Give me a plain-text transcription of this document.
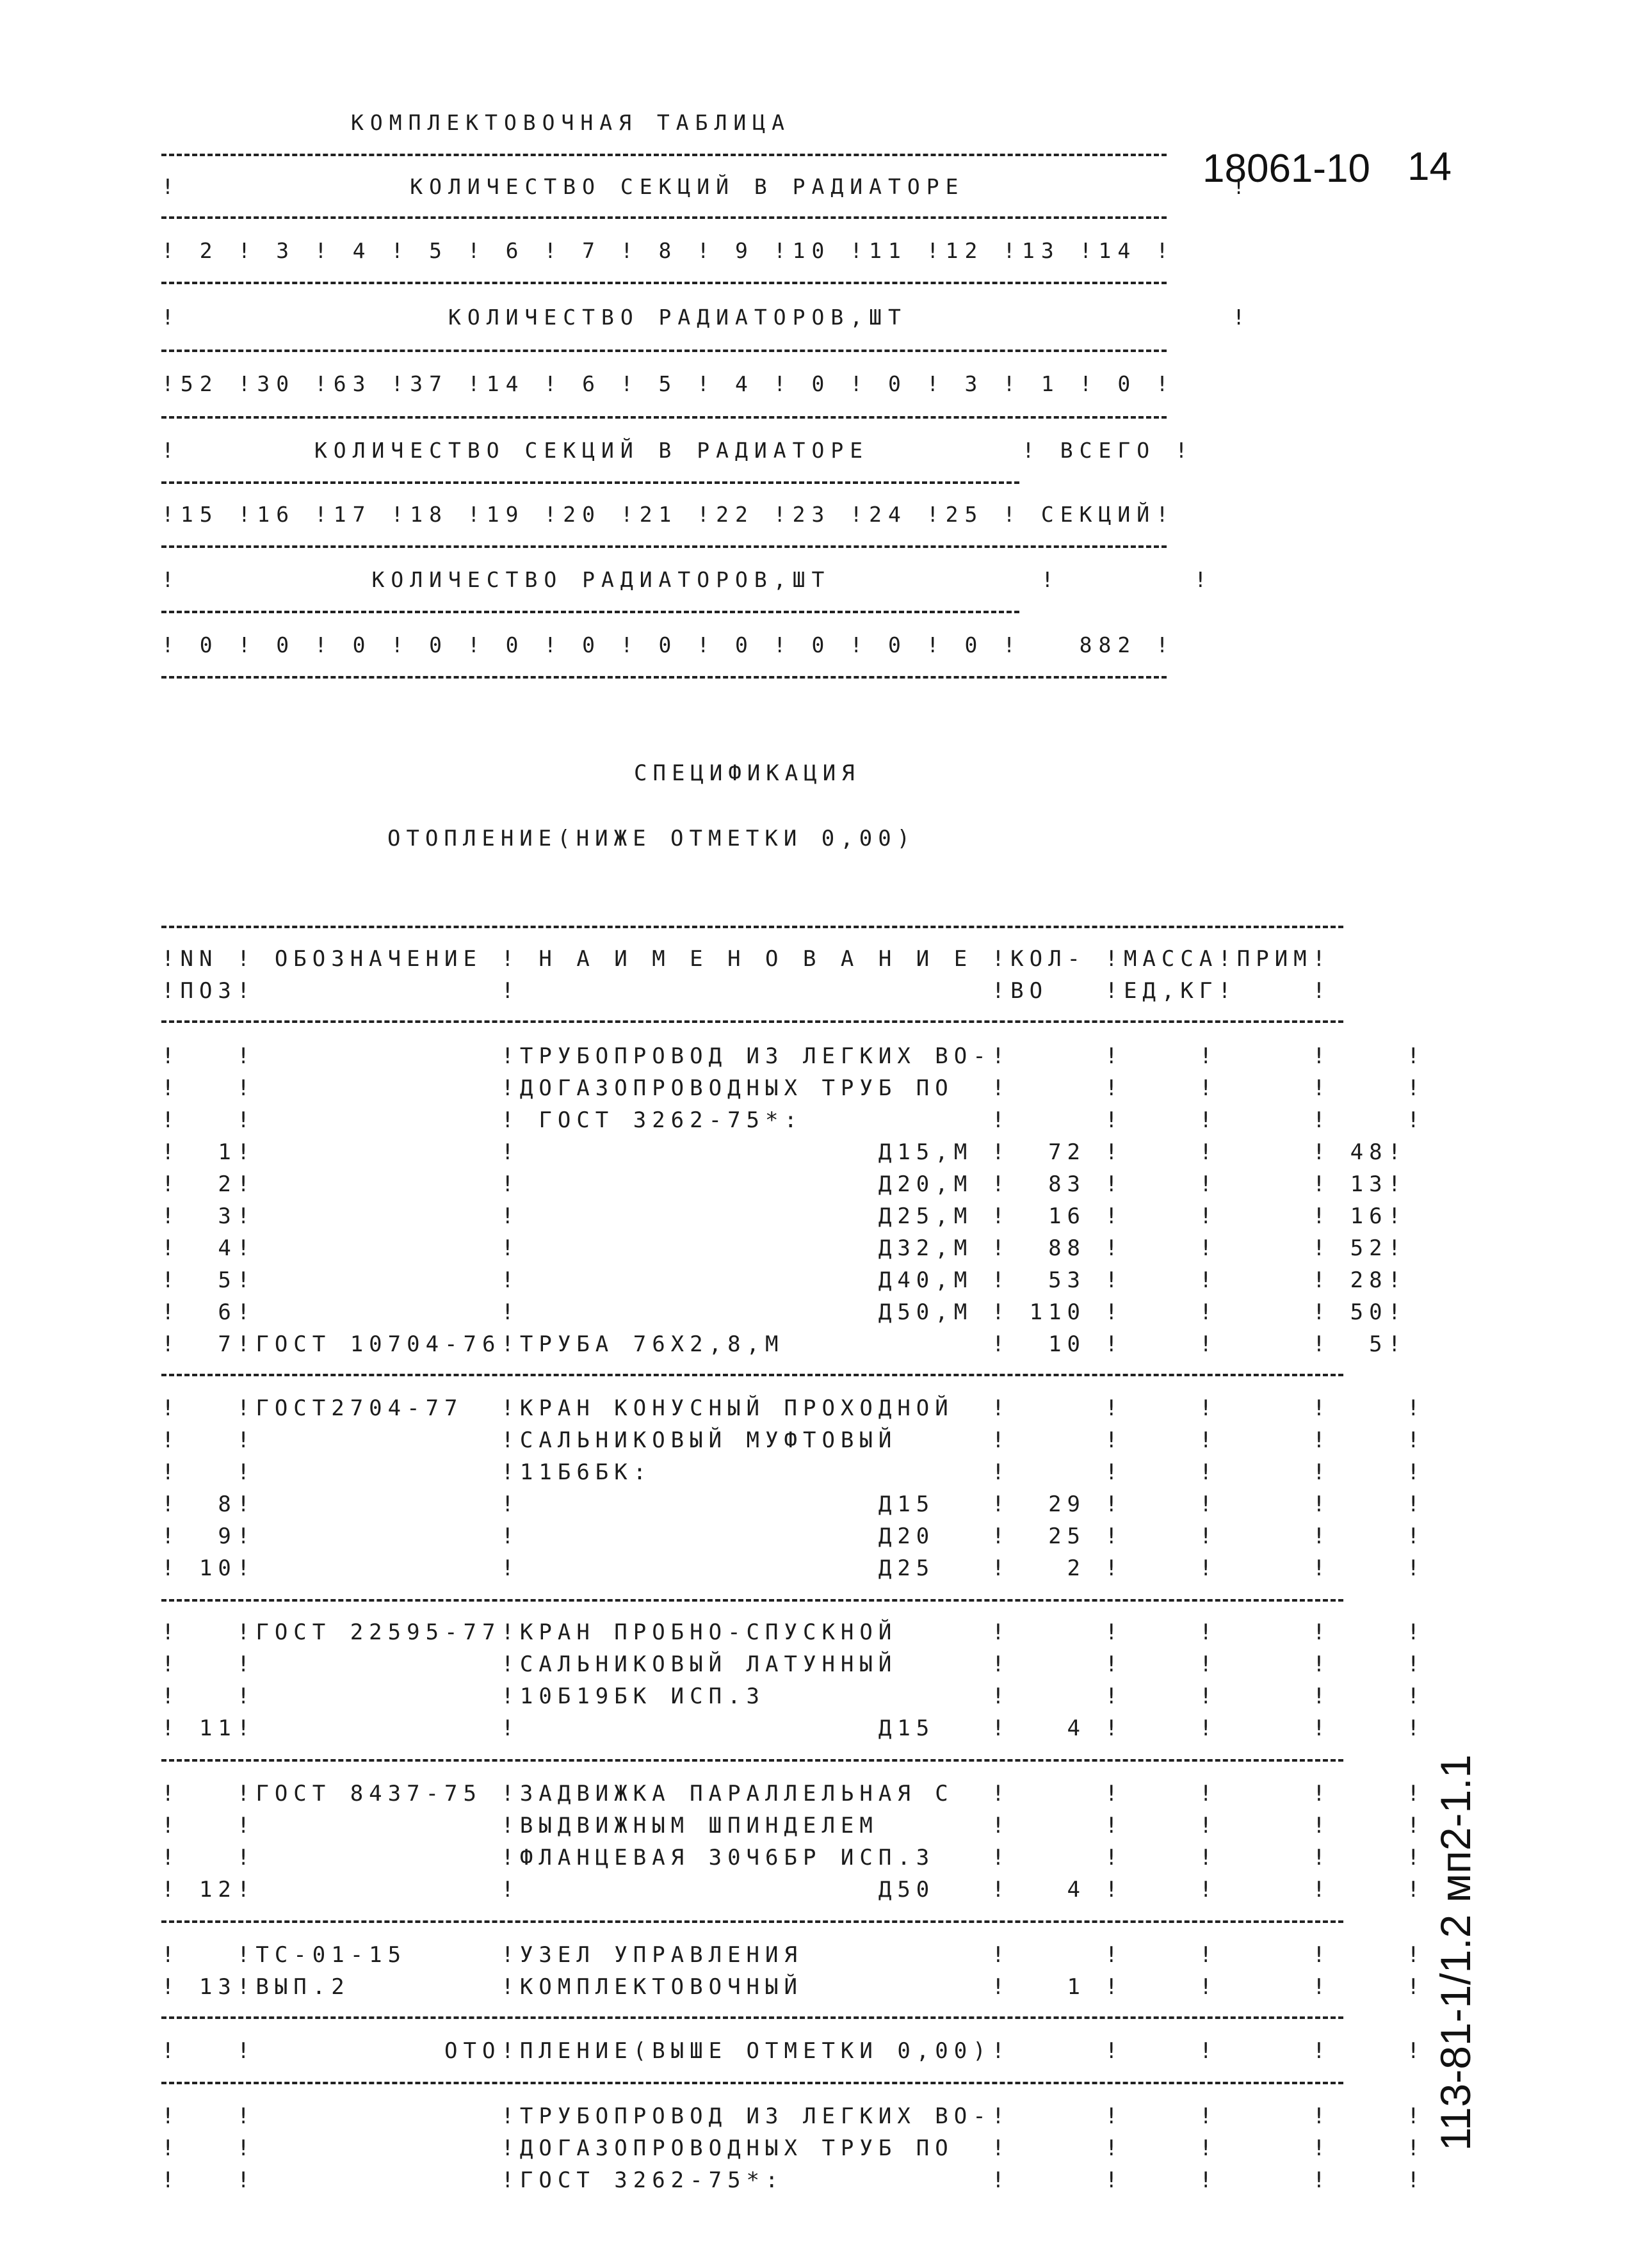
18061-10 14
113-81-1/1.2 мп2-1.1
КОМПЛЕКТОВОЧНАЯ ТАБЛИЦА
!            КОЛИЧЕСТВО СЕКЦИЙ В РАДИАТОРЕ              !
! 2 ! 3 ! 4 ! 5 ! 6 ! 7 ! 8 ! 9 !10 !11 !12 !13 !14 !
!              КОЛИЧЕСТВО РАДИАТОРОВ,ШТ                 !
!52 !30 !63 !37 !14 ! 6 ! 5 ! 4 ! 0 ! 0 ! 3 ! 1 ! 0 !
!       КОЛИЧЕСТВО СЕКЦИЙ В РАДИАТОРЕ        ! ВСЕГО !
!15 !16 !17 !18 !19 !20 !21 !22 !23 !24 !25 ! СЕКЦИЙ!
!          КОЛИЧЕСТВО РАДИАТОРОВ,ШТ           !       !
! 0 ! 0 ! 0 ! 0 ! 0 ! 0 ! 0 ! 0 ! 0 ! 0 ! 0 !   882 !
СПЕЦИФИКАЦИЯ
ОТОПЛЕНИЕ(НИЖЕ ОТМЕТКИ 0,00)
!NN ! ОБОЗНАЧЕНИЕ ! Н А И М Е Н О В А Н И Е !КОЛ- !МАССА!ПРИМ!
!ПОЗ!             !                         !ВО   !ЕД,КГ!    !
!   !             !ТРУБОПРОВОД ИЗ ЛЕГКИХ ВО-!     !    !     !    !
!   !             !ДОГАЗОПРОВОДНЫХ ТРУБ ПО  !     !    !     !    !
!   !             ! ГОСТ 3262-75*:          !     !    !     !    !
!  1!             !                   Д15,М !  72 !    !     ! 48!
!  2!             !                   Д20,М !  83 !    !     ! 13!
!  3!             !                   Д25,М !  16 !    !     ! 16!
!  4!             !                   Д32,М !  88 !    !     ! 52!
!  5!             !                   Д40,М !  53 !    !     ! 28!
!  6!             !                   Д50,М ! 110 !    !     ! 50!
!  7!ГОСТ 10704-76!ТРУБА 76Х2,8,М           !  10 !    !     !  5!
!   !ГОСТ2704-77  !КРАН КОНУСНЫЙ ПРОХОДНОЙ  !     !    !     !    !
!   !             !САЛЬНИКОВЫЙ МУФТОВЫЙ     !     !    !     !    !
!   !             !11Б6БК:                  !     !    !     !    !
!  8!             !                   Д15   !  29 !    !     !    !
!  9!             !                   Д20   !  25 !    !     !    !
! 10!             !                   Д25   !   2 !    !     !    !
!   !ГОСТ 22595-77!КРАН ПРОБНО-СПУСКНОЙ     !     !    !     !    !
!   !             !САЛЬНИКОВЫЙ ЛАТУННЫЙ     !     !    !     !    !
!   !             !10Б19БК ИСП.3            !     !    !     !    !
! 11!             !                   Д15   !   4 !    !     !    !
!   !ГОСТ 8437-75 !ЗАДВИЖКА ПАРАЛЛЕЛЬНАЯ С  !     !    !     !    !
!   !             !ВЫДВИЖНЫМ ШПИНДЕЛЕМ      !     !    !     !    !
!   !             !ФЛАНЦЕВАЯ 30Ч6БР ИСП.3   !     !    !     !    !
! 12!             !                   Д50   !   4 !    !     !    !
!   !ТС-01-15     !УЗЕЛ УПРАВЛЕНИЯ          !     !    !     !    !
! 13!ВЫП.2        !КОМПЛЕКТОВОЧНЫЙ          !   1 !    !     !    !
!   !          ОТО!ПЛЕНИЕ(ВЫШЕ ОТМЕТКИ 0,00)!     !    !     !    !
!   !             !ТРУБОПРОВОД ИЗ ЛЕГКИХ ВО-!     !    !     !    !
!   !             !ДОГАЗОПРОВОДНЫХ ТРУБ ПО  !     !    !     !    !
!   !             !ГОСТ 3262-75*:           !     !    !     !    !
